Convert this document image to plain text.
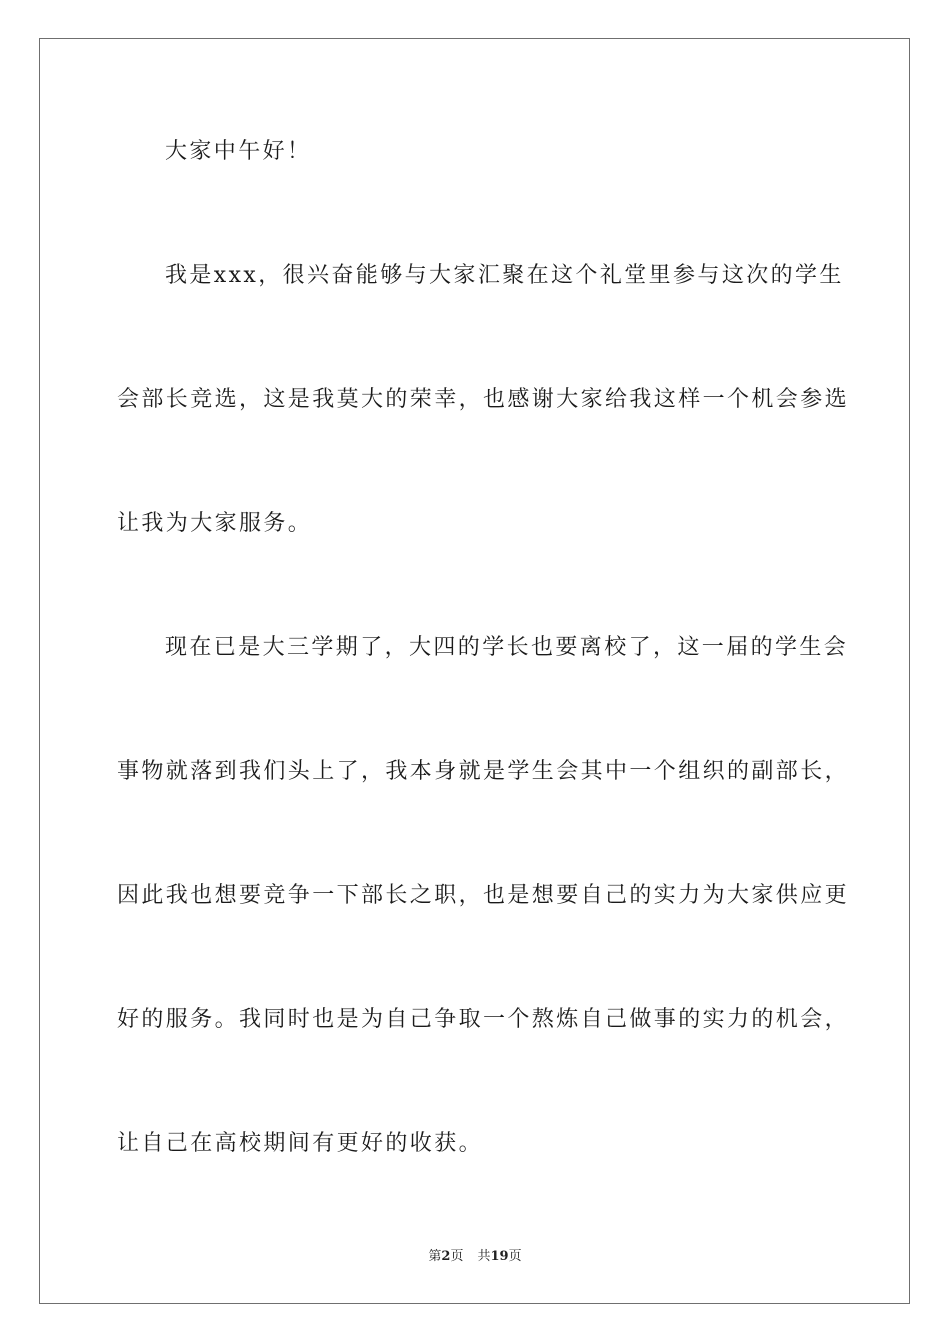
大家中午好！
我是xxx，很兴奋能够与大家汇聚在这个礼堂里参与这次的学生
会部长竞选，这是我莫大的荣幸，也感谢大家给我这样一个机会参选
让我为大家服务。
现在已是大三学期了，大四的学长也要离校了，这一届的学生会
事物就落到我们头上了，我本身就是学生会其中一个组织的副部长，
因此我也想要竞争一下部长之职，也是想要自己的实力为大家供应更
好的服务。我同时也是为自己争取一个熬炼自己做事的实力的机会，
让自己在高校期间有更好的收获。
第2页 共19页
